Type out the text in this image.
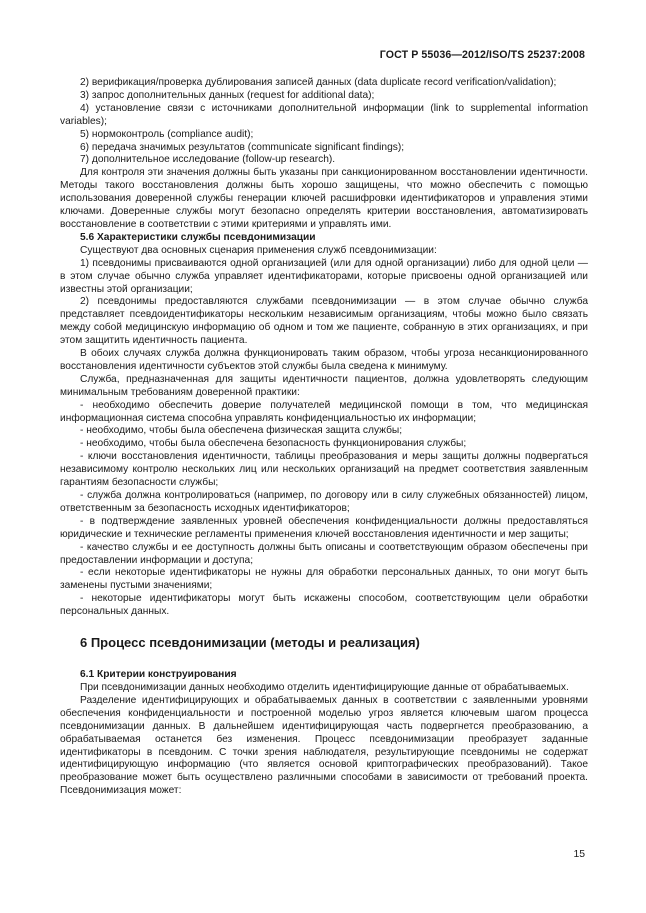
ГОСТ Р 55036—2012/ISO/TS 25237:2008

2) верификация/проверка дублирования записей данных (data duplicate record verification/validation);

3) запрос дополнительных данных (request for additional data);

4) установление связи с источниками дополнительной информации (link to supplemental information variables);

5) нормоконтроль (compliance audit);

6) передача значимых результатов (communicate significant findings);

7) дополнительное исследование (follow-up research).

Для контроля эти значения должны быть указаны при санкционированном восстановлении идентичности. Методы такого восстановления должны быть хорошо защищены, что можно обеспечить с помощью использования доверенной службы генерации ключей расшифровки идентификаторов и управления этими ключами. Доверенные службы могут безопасно определять критерии восстановления, автоматизировать восстановление в соответствии с этими критериями и управлять ими.

5.6 Характеристики службы псевдонимизации

Существуют два основных сценария применения служб псевдонимизации:

1) псевдонимы присваиваются одной организацией (или для одной организации) либо для одной цели — в этом случае обычно служба управляет идентификаторами, которые присвоены одной организацией или известны этой организации;

2) псевдонимы предоставляются службами псевдонимизации — в этом случае обычно служба представляет псевдоидентификаторы нескольким независимым организациям, чтобы можно было связать между собой медицинскую информацию об одном и том же пациенте, собранную в этих организациях, и при этом защитить идентичность пациента.

В обоих случаях служба должна функционировать таким образом, чтобы угроза несанкционированного восстановления идентичности субъектов этой службы была сведена к минимуму.

Служба, предназначенная для защиты идентичности пациентов, должна удовлетворять следующим минимальным требованиям доверенной практики:

- необходимо обеспечить доверие получателей медицинской помощи в том, что медицинская информационная система способна управлять конфиденциальностью их информации;

- необходимо, чтобы была обеспечена физическая защита службы;

- необходимо, чтобы была обеспечена безопасность функционирования службы;

- ключи восстановления идентичности, таблицы преобразования и меры защиты должны подвергаться независимому контролю нескольких лиц или нескольких организаций на предмет соответствия заявленным гарантиям безопасности службы;

- служба должна контролироваться (например, по договору или в силу служебных обязанностей) лицом, ответственным за безопасность исходных идентификаторов;

- в подтверждение заявленных уровней обеспечения конфиденциальности должны предоставляться юридические и технические регламенты применения ключей восстановления идентичности и мер защиты;

- качество службы и ее доступность должны быть описаны и соответствующим образом обеспечены при предоставлении информации и доступа;

- если некоторые идентификаторы не нужны для обработки персональных данных, то они могут быть заменены пустыми значениями;

- некоторые идентификаторы могут быть искажены способом, соответствующим цели обработки персональных данных.

6 Процесс псевдонимизации (методы и реализация)

6.1 Критерии конструирования

При псевдонимизации данных необходимо отделить идентифицирующие данные от обрабатываемых.

Разделение идентифицирующих и обрабатываемых данных в соответствии с заявленными уровнями обеспечения конфиденциальности и построенной моделью угроз является ключевым шагом процесса псевдонимизации данных. В дальнейшем идентифицирующая часть подвергнется преобразованию, а обрабатываемая останется без изменения. Процесс псевдонимизации преобразует заданные идентификаторы в псевдоним. С точки зрения наблюдателя, результирующие псевдонимы не содержат идентифицирующую информацию (что является основой криптографических преобразований). Такое преобразование может быть осуществлено различными способами в зависимости от требований проекта. Псевдонимизация может:

15
